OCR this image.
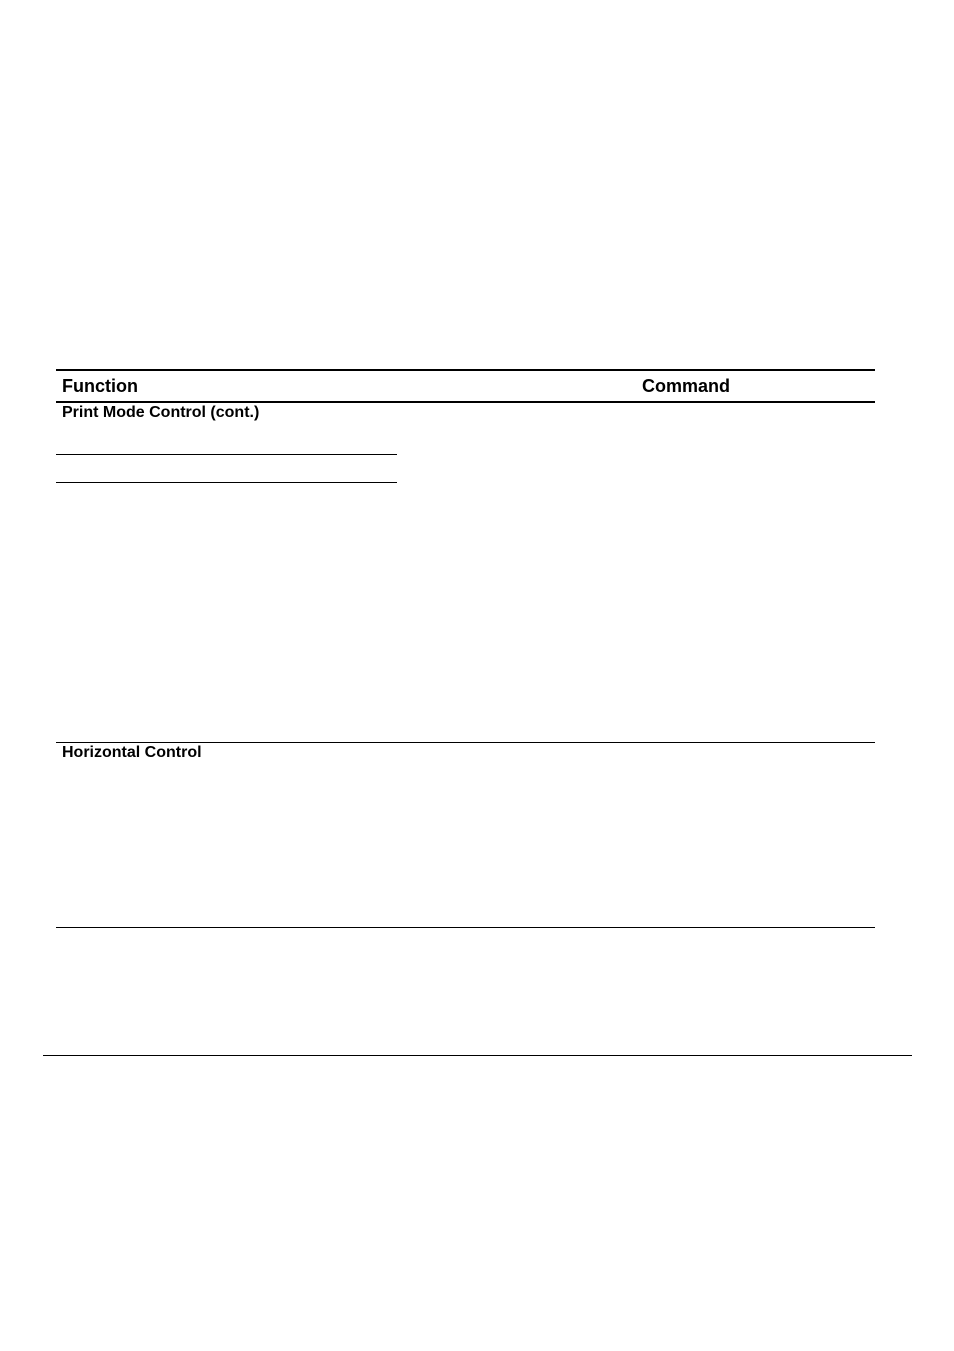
Function	Command
Print Mode Control (cont.)
Horizontal Control
